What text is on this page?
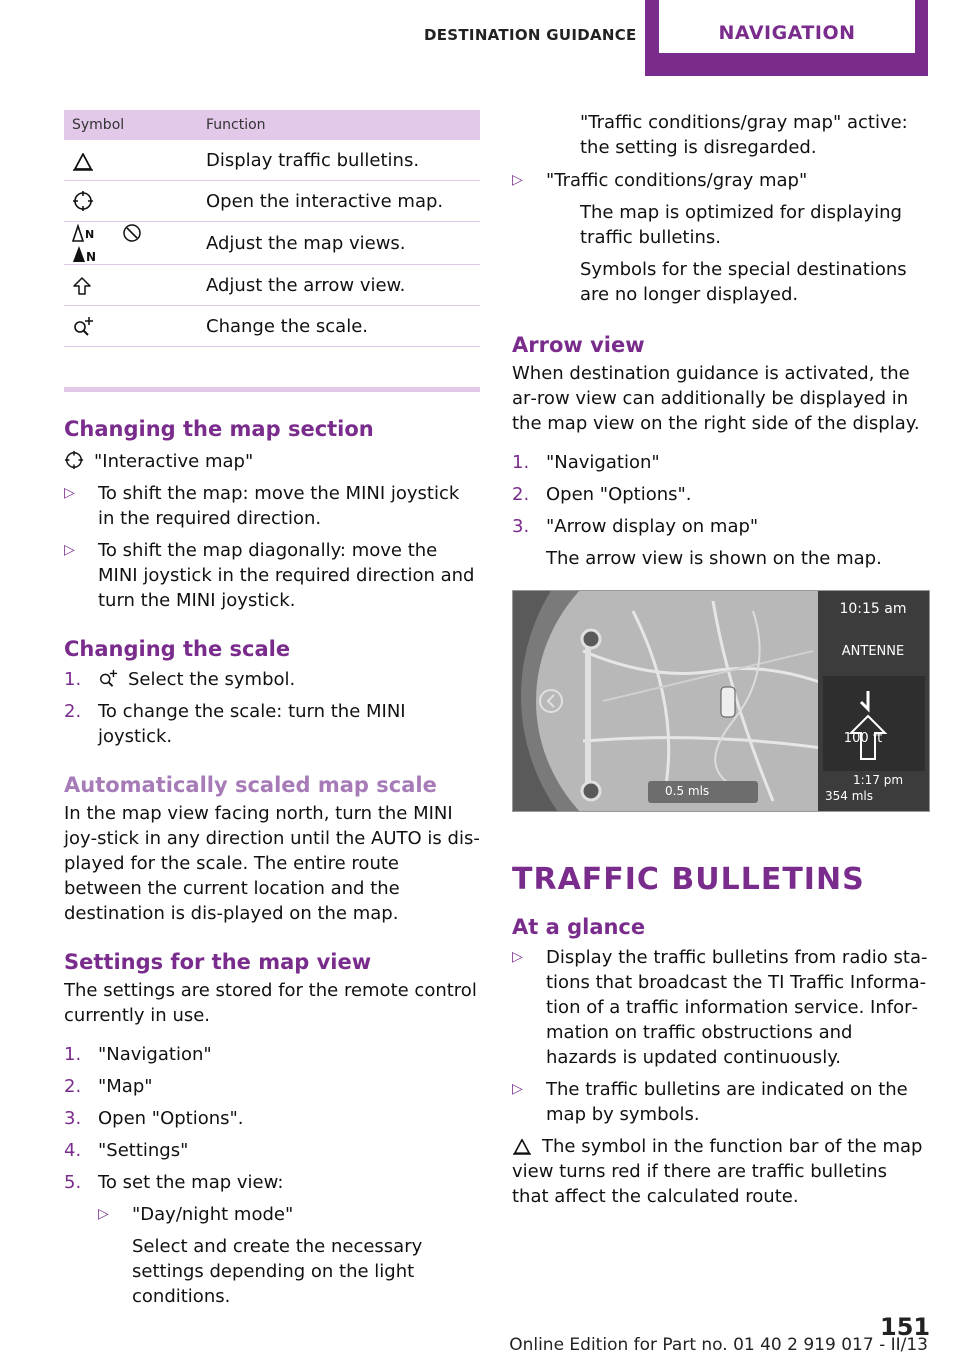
DESTINATION GUIDANCE	NAVIGATION
Symbol	Function
	Display traffic bulletins.
	Open the interactive map.

N

N	Adjust the map views.
	Adjust the arrow view.
	Change the scale.
Changing the map section
"Interactive map"
▷ To shift the map: move the MINI joystick in the required direction.
▷ To shift the map diagonally: move the MINI joystick in the required direction and turn the MINI joystick.
Changing the scale
1.	Select the symbol.
2. To change the scale: turn the MINI joystick.
Automatically scaled map scale
In the map view facing north, turn the MINI joy‐stick in any direction until the AUTO is dis‐played for the scale. The entire route between the current location and the destination is dis‐played on the map.
Settings for the map view
The settings are stored for the remote control currently in use.
1. "Navigation"
2. "Map"
3. Open "Options".
4. "Settings"
5. To set the map view:
▷ "Day/night mode"
Select and create the necessary settings depending on the light conditions.
"Traffic conditions/gray map" active: the setting is disregarded.
▷ "Traffic conditions/gray map"
The map is optimized for displaying traffic bulletins.
Symbols for the special destinations are no longer displayed.
Arrow view
When destination guidance is activated, the ar‐row view can additionally be displayed in the map view on the right side of the display.
1. "Navigation"
2. Open "Options".
3. "Arrow display on map"
The arrow view is shown on the map.
10:15 am
ANTENNE
100 ft
1:17 pm
354 mls
0.5 mls
TRAFFIC BULLETINS
At a glance
▷ Display the traffic bulletins from radio sta‐tions that broadcast the TI Traffic Informa‐tion of a traffic information service. Infor‐mation on traffic obstructions and hazards is updated continuously.
▷ The traffic bulletins are indicated on the map by symbols.
The symbol in the function bar of the map view turns red if there are traffic bulletins that affect the calculated route.
151
Online Edition for Part no. 01 40 2 919 017 - II/13
